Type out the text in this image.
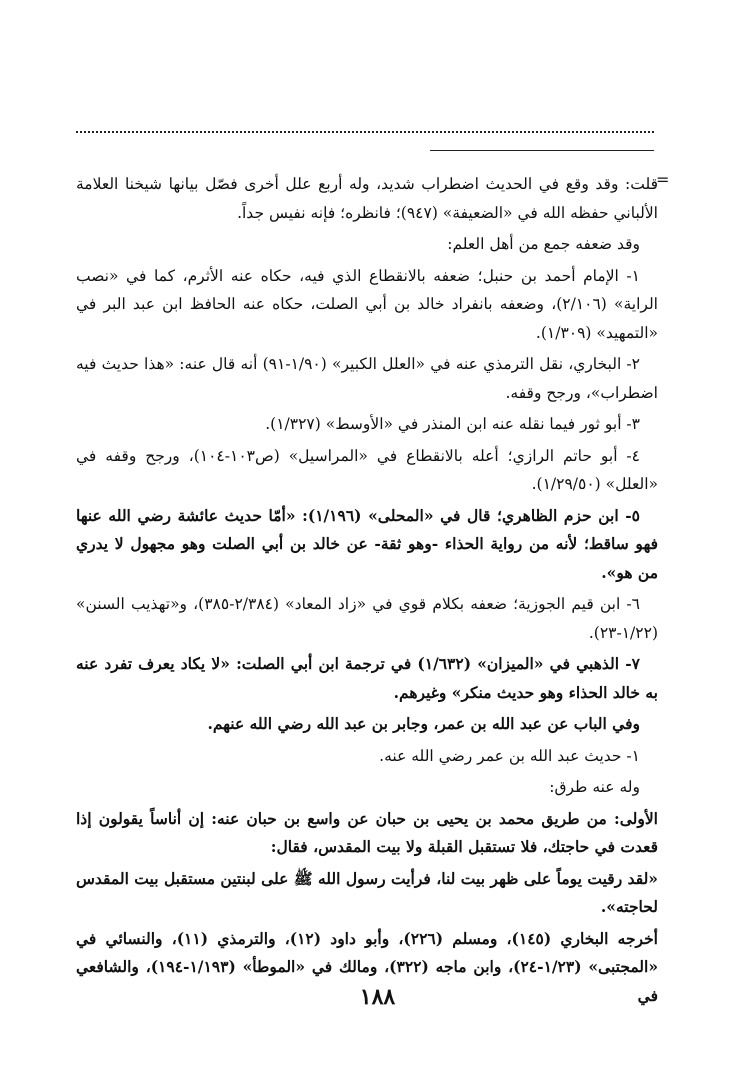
=

قلت: وقد وقع في الحديث اضطراب شديد، وله أربع علل أخرى فصّل بيانها شيخنا العلامة الألباني حفظه الله في «الضعيفة» (٩٤٧)؛ فانظره؛ فإنه نفيس جداً.

وقد ضعفه جمع من أهل العلم:

١- الإمام أحمد بن حنبل؛ ضعفه بالانقطاع الذي فيه، حكاه عنه الأثرم، كما في «نصب الراية» (٢/١٠٦)، وضعفه بانفراد خالد بن أبي الصلت، حكاه عنه الحافظ ابن عبد البر في «التمهيد» (١/٣٠٩).

٢- البخاري، نقل الترمذي عنه في «العلل الكبير» (١/٩٠-٩١) أنه قال عنه: «هذا حديث فيه اضطراب»، ورجح وقفه.

٣- أبو ثور فيما نقله عنه ابن المنذر في «الأوسط» (١/٣٢٧).

٤- أبو حاتم الرازي؛ أعله بالانقطاع في «المراسيل» (ص١٠٣-١٠٤)، ورجح وقفه في «العلل» (١/٢٩/٥٠).

٥- ابن حزم الظاهري؛ قال في «المحلى» (١/١٩٦): «أمّا حديث عائشة رضي الله عنها فهو ساقط؛ لأنه من رواية الحذاء -وهو ثقة- عن خالد بن أبي الصلت وهو مجهول لا يدري من هو».

٦- ابن قيم الجوزية؛ ضعفه بكلام قوي في «زاد المعاد» (٢/٣٨٤-٣٨٥)، و«تهذيب السنن» (١/٢٢-٢٣).

٧- الذهبي في «الميزان» (١/٦٣٢) في ترجمة ابن أبي الصلت: «لا يكاد يعرف تفرد عنه به خالد الحذاء وهو حديث منكر» وغيرهم.

وفي الباب عن عبد الله بن عمر، وجابر بن عبد الله رضي الله عنهم.

١- حديث عبد الله بن عمر رضي الله عنه.

وله عنه طرق:

الأولى: من طريق محمد بن يحيى بن حبان عن واسع بن حبان عنه: إن أناساً يقولون إذا قعدت في حاجتك، فلا تستقبل القبلة ولا بيت المقدس، فقال:

«لقد رقيت يوماً على ظهر بيت لنا، فرأيت رسول الله ﷺ على لبنتين مستقبل بيت المقدس لحاجته».

أخرجه البخاري (١٤٥)، ومسلم (٢٢٦)، وأبو داود (١٢)، والترمذي (١١)، والنسائي في «المجتبى» (١/٢٣-٢٤)، وابن ماجه (٣٢٢)، ومالك في «الموطأ» (١/١٩٣-١٩٤)، والشافعي في

١٨٨
